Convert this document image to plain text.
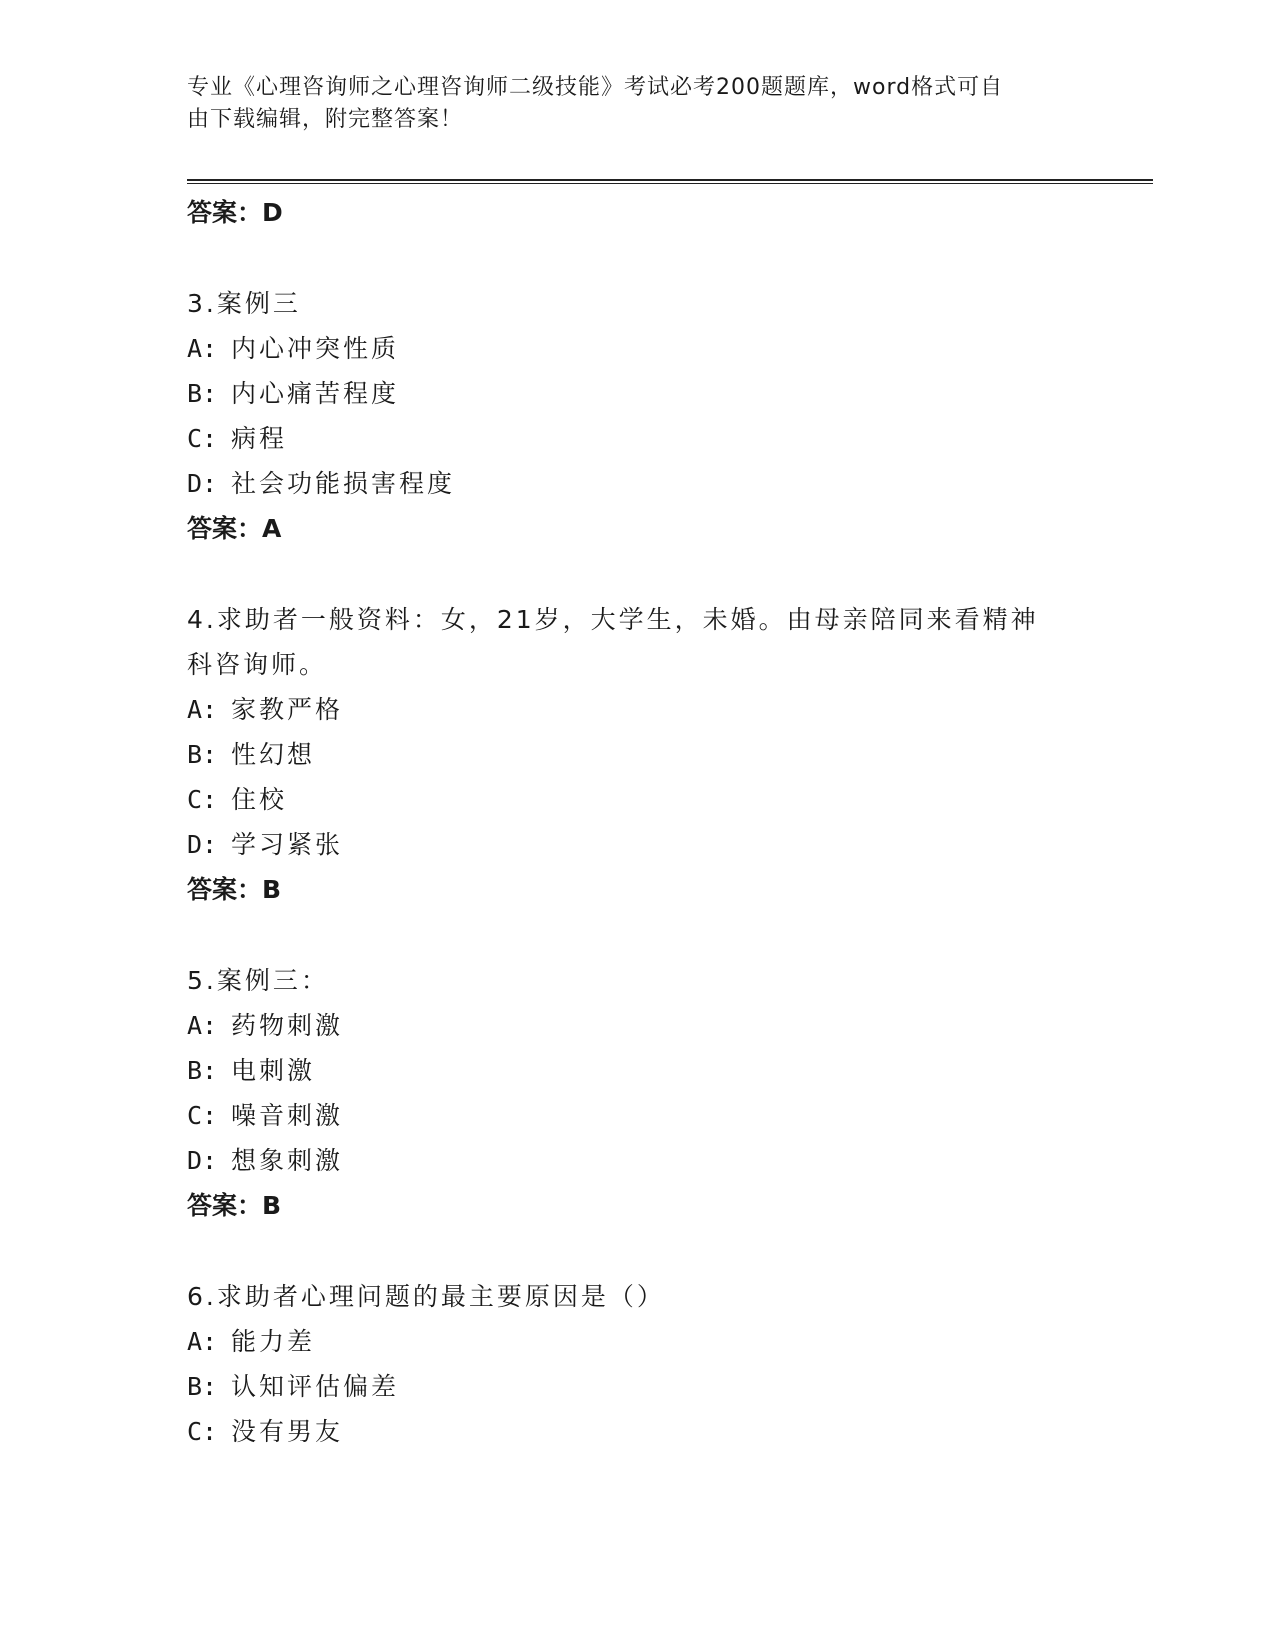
专业《心理咨询师之心理咨询师二级技能》考试必考200题题库，word格式可自
由下载编辑，附完整答案！
答案：D
3.案例三
A: 内心冲突性质
B: 内心痛苦程度
C: 病程
D: 社会功能损害程度
答案：A
4.求助者一般资料：女，21岁，大学生，未婚。由母亲陪同来看精神
科咨询师。
A: 家教严格
B: 性幻想
C: 住校
D: 学习紧张
答案：B
5.案例三：
A: 药物刺激
B: 电刺激
C: 噪音刺激
D: 想象刺激
答案：B
6.求助者心理问题的最主要原因是（）
A: 能力差
B: 认知评估偏差
C: 没有男友
